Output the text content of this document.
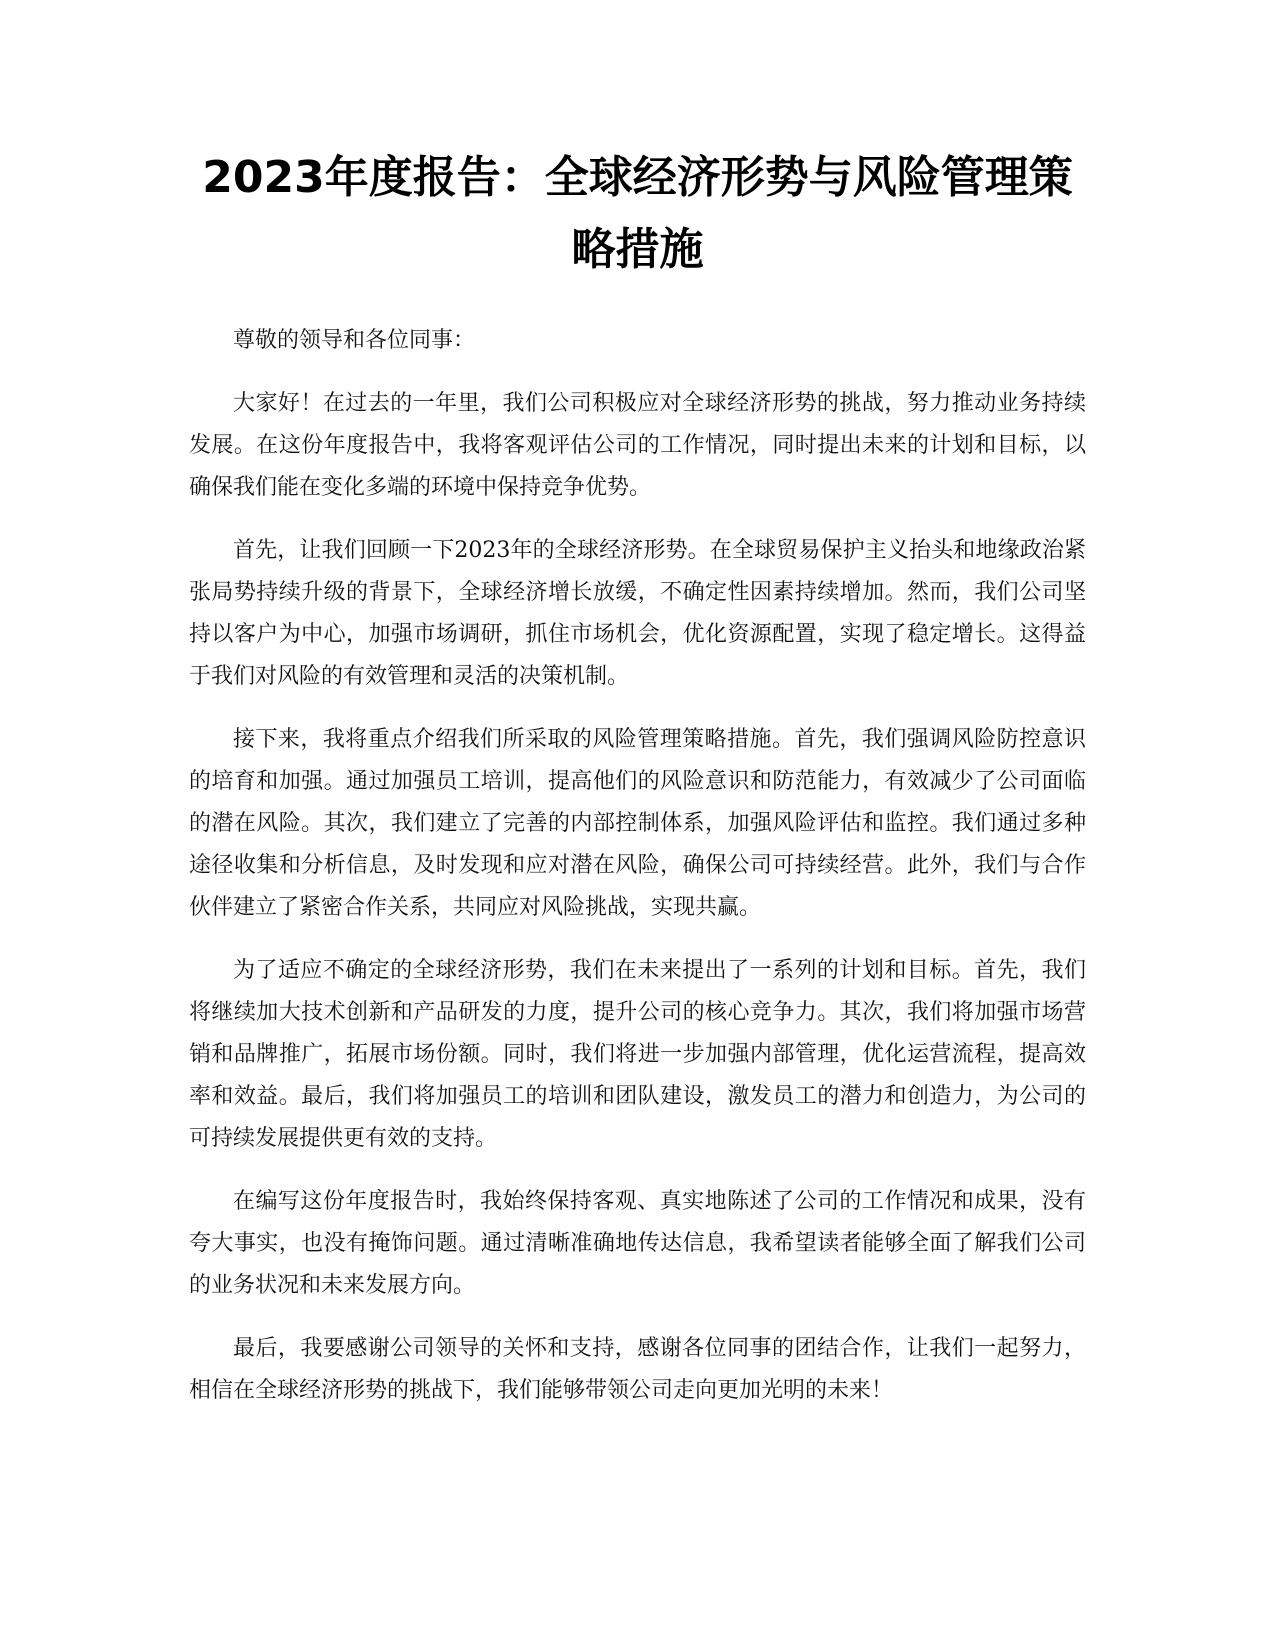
2023年度报告：全球经济形势与风险管理策略措施

尊敬的领导和各位同事：

大家好！在过去的一年里，我们公司积极应对全球经济形势的挑战，努力推动业务持续发展。在这份年度报告中，我将客观评估公司的工作情况，同时提出未来的计划和目标，以确保我们能在变化多端的环境中保持竞争优势。

首先，让我们回顾一下2023年的全球经济形势。在全球贸易保护主义抬头和地缘政治紧张局势持续升级的背景下，全球经济增长放缓，不确定性因素持续增加。然而，我们公司坚持以客户为中心，加强市场调研，抓住市场机会，优化资源配置，实现了稳定增长。这得益于我们对风险的有效管理和灵活的决策机制。

接下来，我将重点介绍我们所采取的风险管理策略措施。首先，我们强调风险防控意识的培育和加强。通过加强员工培训，提高他们的风险意识和防范能力，有效减少了公司面临的潜在风险。其次，我们建立了完善的内部控制体系，加强风险评估和监控。我们通过多种途径收集和分析信息，及时发现和应对潜在风险，确保公司可持续经营。此外，我们与合作伙伴建立了紧密合作关系，共同应对风险挑战，实现共赢。

为了适应不确定的全球经济形势，我们在未来提出了一系列的计划和目标。首先，我们将继续加大技术创新和产品研发的力度，提升公司的核心竞争力。其次，我们将加强市场营销和品牌推广，拓展市场份额。同时，我们将进一步加强内部管理，优化运营流程，提高效率和效益。最后，我们将加强员工的培训和团队建设，激发员工的潜力和创造力，为公司的可持续发展提供更有效的支持。

在编写这份年度报告时，我始终保持客观、真实地陈述了公司的工作情况和成果，没有夸大事实，也没有掩饰问题。通过清晰准确地传达信息，我希望读者能够全面了解我们公司的业务状况和未来发展方向。

最后，我要感谢公司领导的关怀和支持，感谢各位同事的团结合作，让我们一起努力，相信在全球经济形势的挑战下，我们能够带领公司走向更加光明的未来！
